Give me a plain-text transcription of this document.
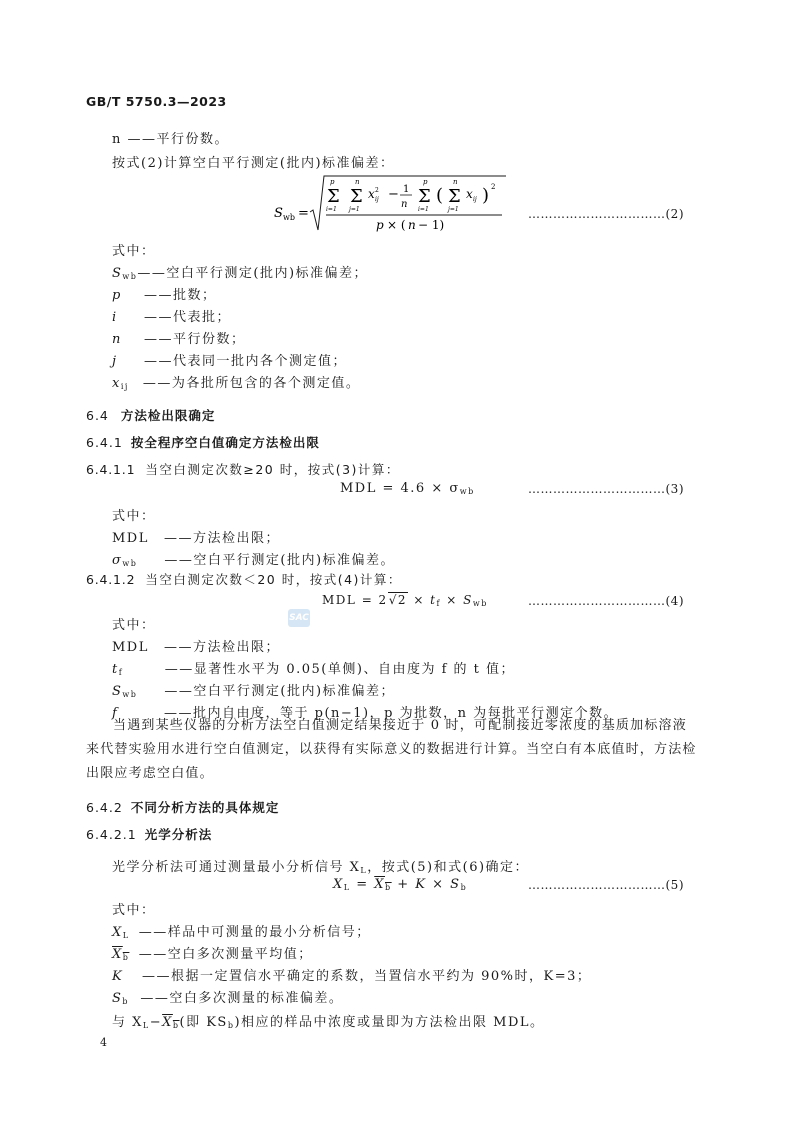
GB/T 5750.3—2023
n ——平行份数。
按式(2)计算空白平行测定(批内)标准偏差：
S wb =
p
Σ
i=1
n
Σ
j=1
x 2
ij − 1
n
p
Σ
i=1
(
n
Σ
j=1
x ij ) 2
p × ( n − 1)
……………………………(2)
式中：
Swb——空白平行测定(批内)标准偏差；
p ——批数；
i ——代表批；
n ——平行份数；
j ——代表同一批内各个测定值；
xij ——为各批所包含的各个测定值。
6.4 方法检出限确定
6.4.1 按全程序空白值确定方法检出限
6.4.1.1 当空白测定次数≥20 时，按式(3)计算：
MDL = 4.6 × σwb	……………………………(3)
式中：
MDL ——方法检出限；
σwb ——空白平行测定(批内)标准偏差。
6.4.1.2 当空白测定次数＜20 时，按式(4)计算：
MDL = 2√2 × tf × Swb	……………………………(4)
SAC
式中：
MDL ——方法检出限；
tf	——显著性水平为 0.05(单侧)、自由度为 f 的 t 值；
Swb ——空白平行测定(批内)标准偏差；
f	——批内自由度，等于 p(n−1)，p 为批数，n 为每批平行测定个数。
当遇到某些仪器的分析方法空白值测定结果接近于 0 时，可配制接近零浓度的基质加标溶液来代替实验用水进行空白值测定，以获得有实际意义的数据进行计算。当空白有本底值时，方法检出限应考虑空白值。
6.4.2 不同分析方法的具体规定
6.4.2.1 光学分析法
光学分析法可通过测量最小分析信号 XL，按式(5)和式(6)确定：
XL = $\overline{X}\overline{b} + K \times Sb$	……………………………(5)
式中：
XL ——样品中可测量的最小分析信号；
$\overline{X}\overline{b}$ ——空白多次测量平均值；
K ——根据一定置信水平确定的系数，当置信水平约为 90%时，K=3；
Sb ——空白多次测量的标准偏差。
与 $XL-\overline{X}\overline{b}$(即 KSb)相应的样品中浓度或量即为方法检出限 MDL。
4
